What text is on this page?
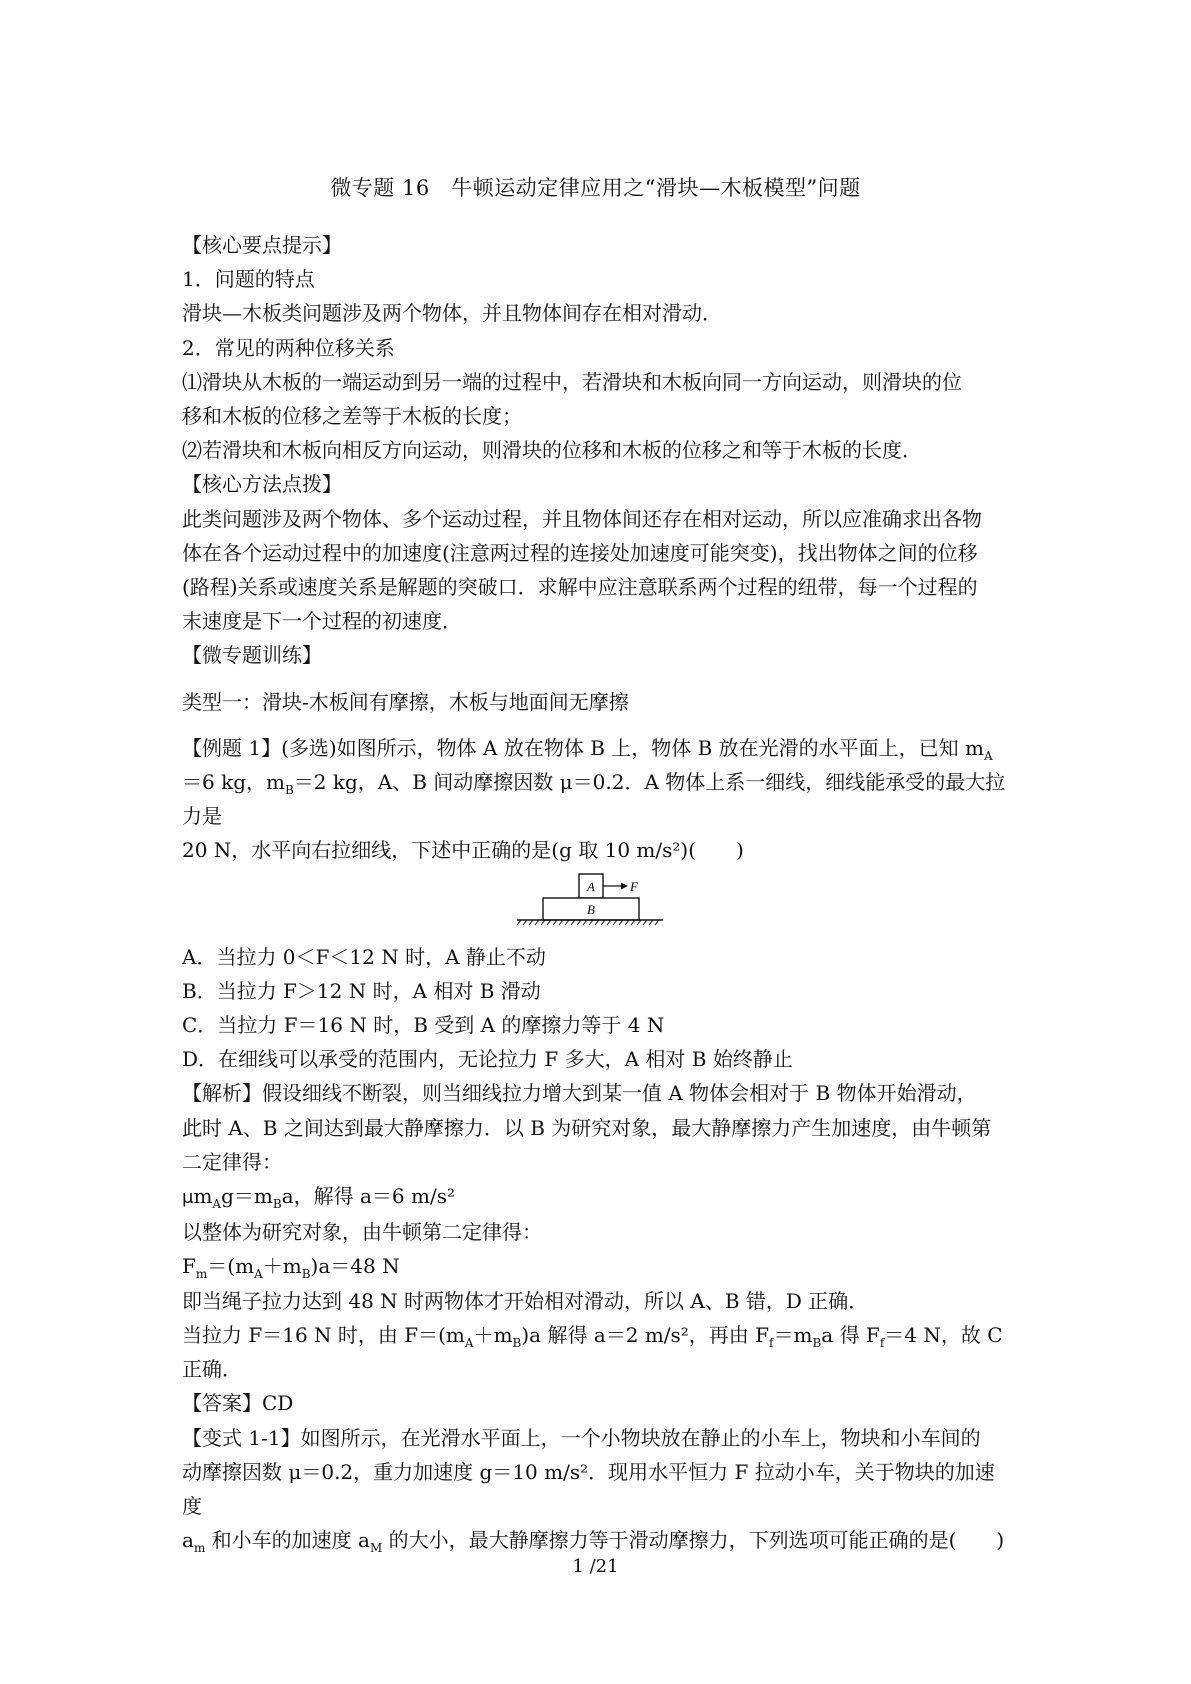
微专题 16　牛顿运动定律应用之“滑块—木板模型”问题

【核心要点提示】

1．问题的特点

滑块—木板类问题涉及两个物体，并且物体间存在相对滑动．

2．常见的两种位移关系

⑴滑块从木板的一端运动到另一端的过程中，若滑块和木板向同一方向运动，则滑块的位

移和木板的位移之差等于木板的长度；

⑵若滑块和木板向相反方向运动，则滑块的位移和木板的位移之和等于木板的长度．

【核心方法点拨】

此类问题涉及两个物体、多个运动过程，并且物体间还存在相对运动，所以应准确求出各物

体在各个运动过程中的加速度(注意两过程的连接处加速度可能突变)，找出物体之间的位移

(路程)关系或速度关系是解题的突破口．求解中应注意联系两个过程的纽带，每一个过程的

末速度是下一个过程的初速度．

【微专题训练】

类型一：滑块-木板间有摩擦，木板与地面间无摩擦

【例题 1】(多选)如图所示，物体 A 放在物体 B 上，物体 B 放在光滑的水平面上，已知 $m_A$

＝6 kg，$m_B=2$ kg，A、B 间动摩擦因数 μ＝0.2．A 物体上系一细线，细线能承受的最大拉力是

20 N，水平向右拉细线，下述中正确的是(g 取 10 m/s²)(　　)

A	F
B

A．当拉力 0＜F＜12 N 时，A 静止不动

B．当拉力 F＞12 N 时，A 相对 B 滑动

C．当拉力 F＝16 N 时，B 受到 A 的摩擦力等于 4 N

D．在细线可以承受的范围内，无论拉力 F 多大，A 相对 B 始终静止

【解析】假设细线不断裂，则当细线拉力增大到某一值 A 物体会相对于 B 物体开始滑动，

此时 A、B 之间达到最大静摩擦力．以 B 为研究对象，最大静摩擦力产生加速度，由牛顿第

二定律得：

$\mu m_Ag=m_Ba$，解得 a＝6 m/s²

以整体为研究对象，由牛顿第二定律得：

$F_m=(m_A+m_B)a=48$ N

即当绳子拉力达到 48 N 时两物体才开始相对滑动，所以 A、B 错，D 正确．

当拉力 F＝16 N 时，由 $F=(m_A+m_B)a$ 解得 a＝2 m/s²，再由 $F_f=m_Ba$ 得 $F_f=4$ N，故 C 正确．

【答案】CD

【变式 1-1】如图所示，在光滑水平面上，一个小物块放在静止的小车上，物块和小车间的

动摩擦因数 μ＝0.2，重力加速度 g＝10 m/s²．现用水平恒力 F 拉动小车，关于物块的加速度

$a_m$ 和小车的加速度 $a_M$ 的大小，最大静摩擦力等于滑动摩擦力，下列选项可能正确的是(　　)

1 /21
